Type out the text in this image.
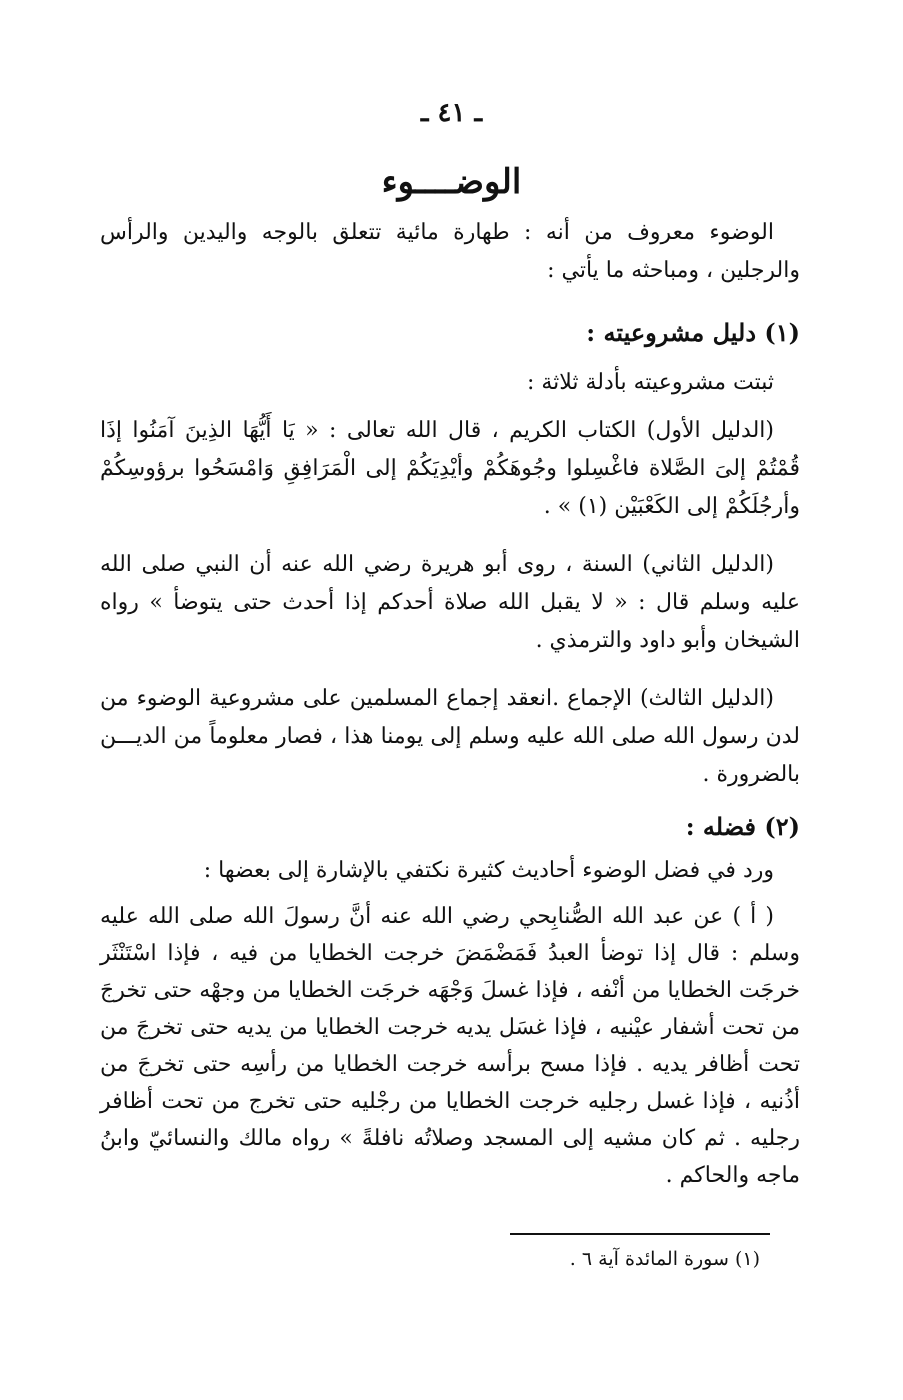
ـ ٤١ ـ
الوضــــوء

الوضوء معروف من أنه : طهارة مائية تتعلق بالوجه واليدين والرأس والرجلين ، ومباحثه ما يأتي :

(١) دليل مشروعيته :

ثبتت مشروعيته بأدلة ثلاثة :

(الدليل الأول) الكتاب الكريم ، قال الله تعالى : « يَا أَيُّهَا الذِينَ آمَنُوا إذَا قُمْتُمْ إلىَ الصَّلاة فاغْسِلوا وجُوهَكُمْ وأيْدِيَكُمْ إلى الْمَرَافِقِ وَامْسَحُوا برؤوسِكُمْ وأرجُلَكُمْ إلى الكَعْبَيْن (١) » .

(الدليل الثاني) السنة ، روى أبو هريرة رضي الله عنه أن النبي صلى الله عليه وسلم قال : « لا يقبل الله صلاة أحدكم إذا أحدث حتى يتوضأ » رواه الشيخان وأبو داود والترمذي .

(الدليل الثالث) الإجماع .انعقد إجماع المسلمين على مشروعية الوضوء من لدن رسول الله صلى الله عليه وسلم إلى يومنا هذا ، فصار معلوماً من الديـــن بالضرورة .

(٢) فضله :

ورد في فضل الوضوء أحاديث كثيرة نكتفي بالإشارة إلى بعضها :

( أ ) عن عبد الله الصُّنابِحي رضي الله عنه أنَّ رسولَ الله صلى الله عليه وسلم : قال إذا توضأ العبدُ فَمَضْمَضَ خرجت الخطايا من فيه ، فإذا اسْتَنْثَر خرجَت الخطايا من أنْفه ، فإذا غسلَ وَجْهَه خرجَت الخطايا من وجهْه حتى تخرجَ من تحت أشفار عيْنيه ، فإذا غسَل يديه خرجت الخطايا من يديه حتى تخرجَ من تحت أظافر يديه . فإذا مسح برأسه خرجت الخطايا من رأسِه حتى تخرجَ من أذُنيه ، فإذا غسل رجليه خرجت الخطايا من رجْليه حتى تخرج من تحت أظافر رجليه . ثم كان مشيه إلى المسجد وصلاتُه نافلةً » رواه مالك والنسائيّ وابنُ ماجه والحاكم .

(١) سورة المائدة آية ٦ .
